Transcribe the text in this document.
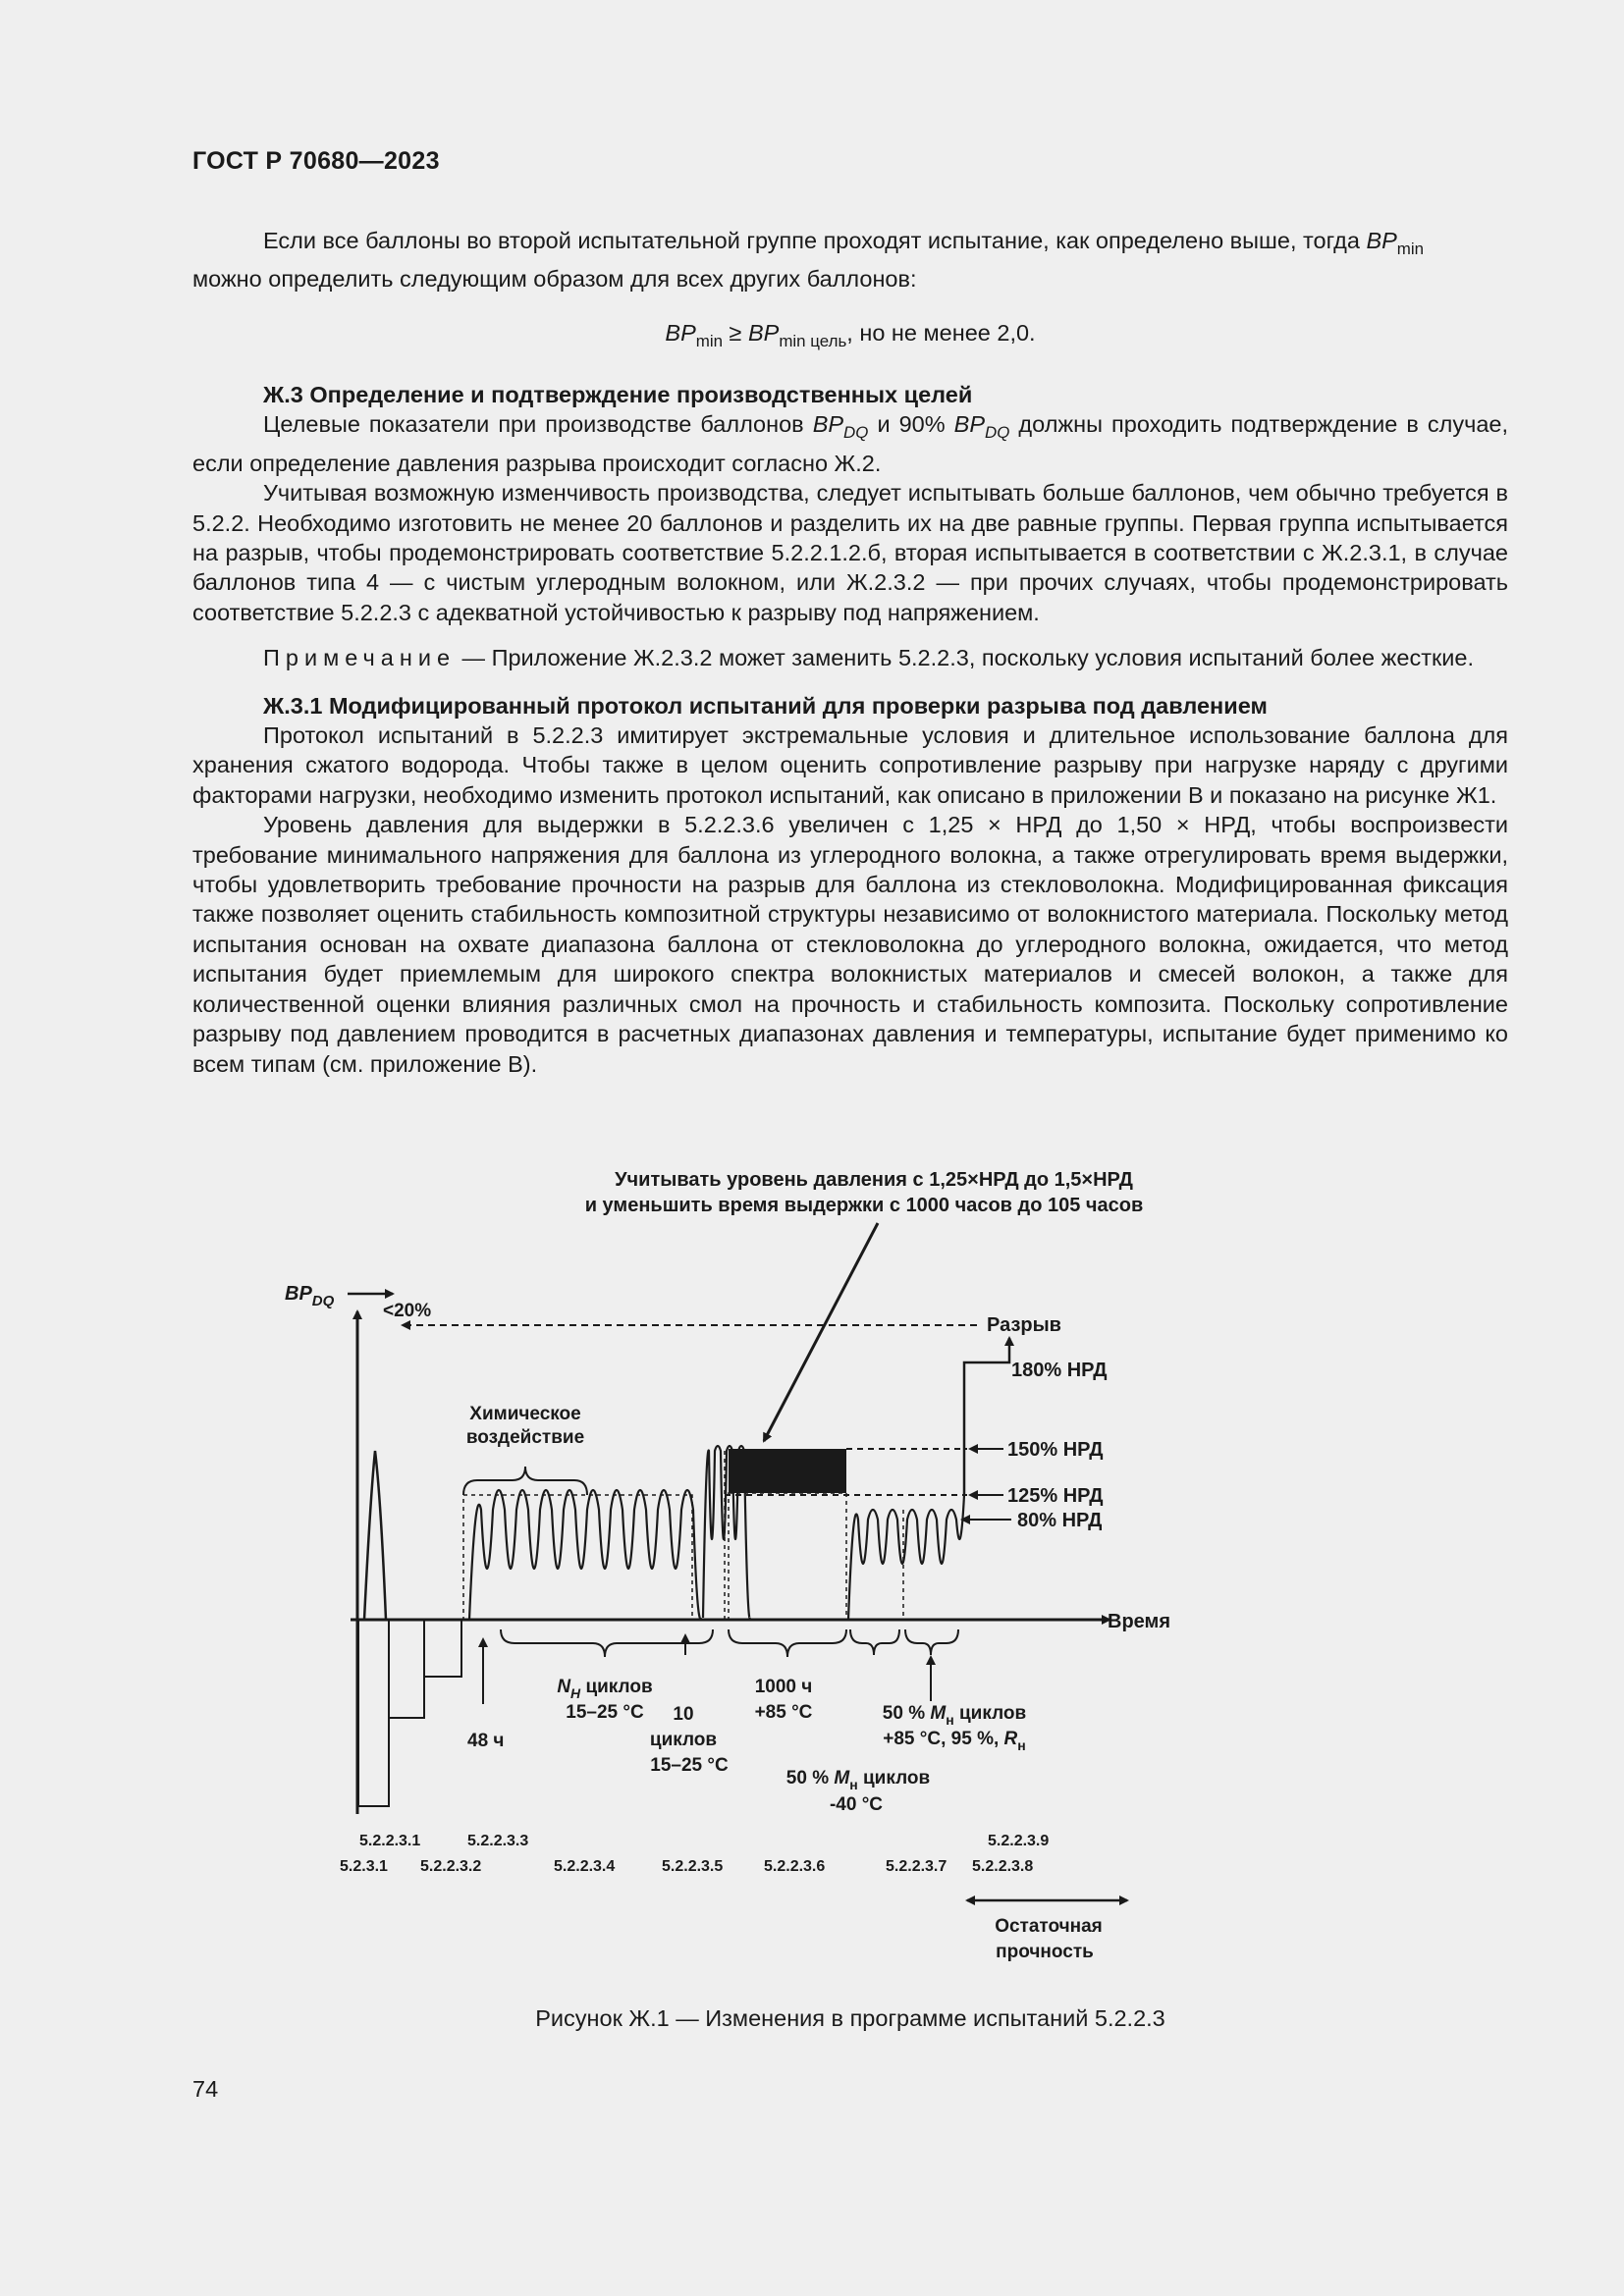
ГОСТ Р 70680—2023

Если все баллоны во второй испытательной группе проходят испытание, как определено выше, тогда $BP_{min}$
можно определить следующим образом для всех других баллонов:

$BP_{min} \ge BP_{min цель}$, но не менее 2,0.

Ж.3 Определение и подтверждение производственных целей

Целевые показатели при производстве баллонов $BP_{DQ}$ и 90% $BP_{DQ}$ должны проходить подтверждение в случае, если определение давления разрыва происходит согласно Ж.2.

Учитывая возможную изменчивость производства, следует испытывать больше баллонов, чем обычно требуется в 5.2.2. Необходимо изготовить не менее 20 баллонов и разделить их на две равные группы. Первая группа испытывается на разрыв, чтобы продемонстрировать соответствие 5.2.2.1.2.б, вторая испытывается в соответствии с Ж.2.3.1, в случае баллонов типа 4 — с чистым углеродным волокном, или Ж.2.3.2 — при прочих случаях, чтобы продемонстрировать соответствие 5.2.2.3 с адекватной устойчивостью к разрыву под напряжением.

Примечание — Приложение Ж.2.3.2 может заменить 5.2.2.3, поскольку условия испытаний более жесткие.

Ж.3.1 Модифицированный протокол испытаний для проверки разрыва под давлением

Протокол испытаний в 5.2.2.3 имитирует экстремальные условия и длительное использование баллона для хранения сжатого водорода. Чтобы также в целом оценить сопротивление разрыву при нагрузке наряду с другими факторами нагрузки, необходимо изменить протокол испытаний, как описано в приложении В и показано на рисунке Ж1.

Уровень давления для выдержки в 5.2.2.3.6 увеличен с 1,25 × НРД до 1,50 × НРД, чтобы воспроизвести требование минимального напряжения для баллона из углеродного волокна, а также отрегулировать время выдержки, чтобы удовлетворить требование прочности на разрыв для баллона из стекловолокна. Модифицированная фиксация также позволяет оценить стабильность композитной структуры независимо от волокнистого материала. Поскольку метод испытания основан на охвате диапазона баллона от стекловолокна до углеродного волокна, ожидается, что метод испытания будет приемлемым для широкого спектра волокнистых материалов и смесей волокон, а также для количественной оценки влияния различных смол на прочность и стабильность композита. Поскольку сопротивление разрыву под давлением проводится в расчетных диапазонах давления и температуры, испытание будет применимо ко всем типам (см. приложение В).

Учитывать уровень давления с 1,25×НРД до 1,5×НРД
и уменьшить время выдержки с 1000 часов до 105 часов
$BP_{DQ}$	<20%
Разрыв
Время
Химическое
воздействие
180% НРД
150% НРД
125% НРД
80% НРД
48 ч
$N_H$ циклов
15–25 °C 10
циклов
15–25 °C
1000 ч
+85 °C	50 % $M_н$ циклов
+85 °C, 95 %, $R_н$
50 % $M_н$ циклов
-40 °C
5.2.2.3.1	5.2.2.3.3	5.2.2.3.9
5.2.3.1 5.2.2.3.2	5.2.2.3.4	5.2.2.3.5	5.2.2.3.6	5.2.2.3.7 5.2.2.3.8
Остаточная
прочность
Рисунок Ж.1 — Изменения в программе испытаний 5.2.2.3
74
